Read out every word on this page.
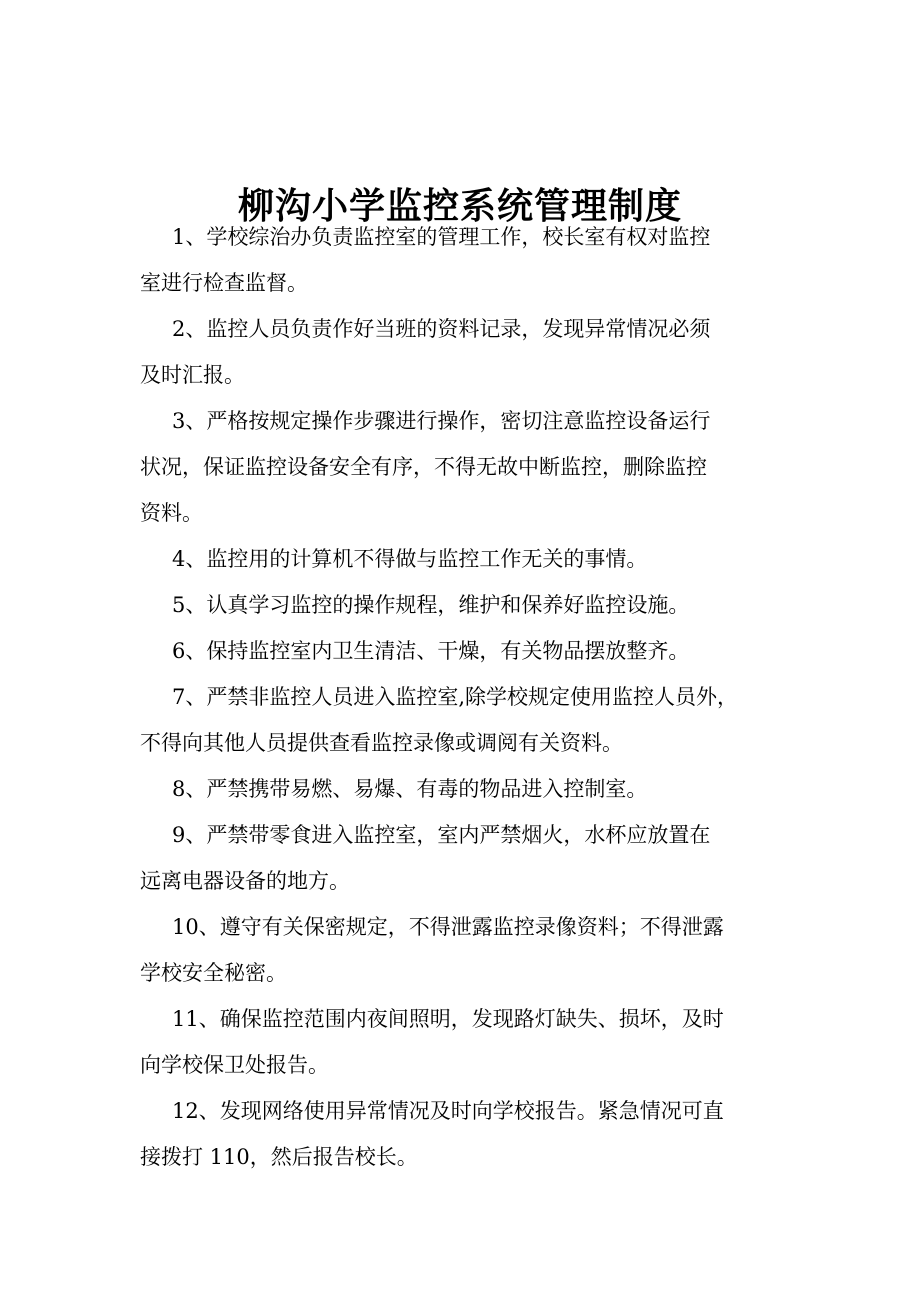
柳沟小学监控系统管理制度

1、学校综治办负责监控室的管理工作，校长室有权对监控
室进行检查监督。

2、监控人员负责作好当班的资料记录，发现异常情况必须
及时汇报。

3、严格按规定操作步骤进行操作，密切注意监控设备运行
状况，保证监控设备安全有序，不得无故中断监控，删除监控
资料。

4、监控用的计算机不得做与监控工作无关的事情。

5、认真学习监控的操作规程，维护和保养好监控设施。

6、保持监控室内卫生清洁、干燥，有关物品摆放整齐。

7、严禁非监控人员进入监控室,除学校规定使用监控人员外，
不得向其他人员提供查看监控录像或调阅有关资料。

8、严禁携带易燃、易爆、有毒的物品进入控制室。

9、严禁带零食进入监控室，室内严禁烟火，水杯应放置在
远离电器设备的地方。

10、遵守有关保密规定，不得泄露监控录像资料；不得泄露
学校安全秘密。

11、确保监控范围内夜间照明，发现路灯缺失、损坏，及时
向学校保卫处报告。

12、发现网络使用异常情况及时向学校报告。紧急情况可直
接拨打 110，然后报告校长。
